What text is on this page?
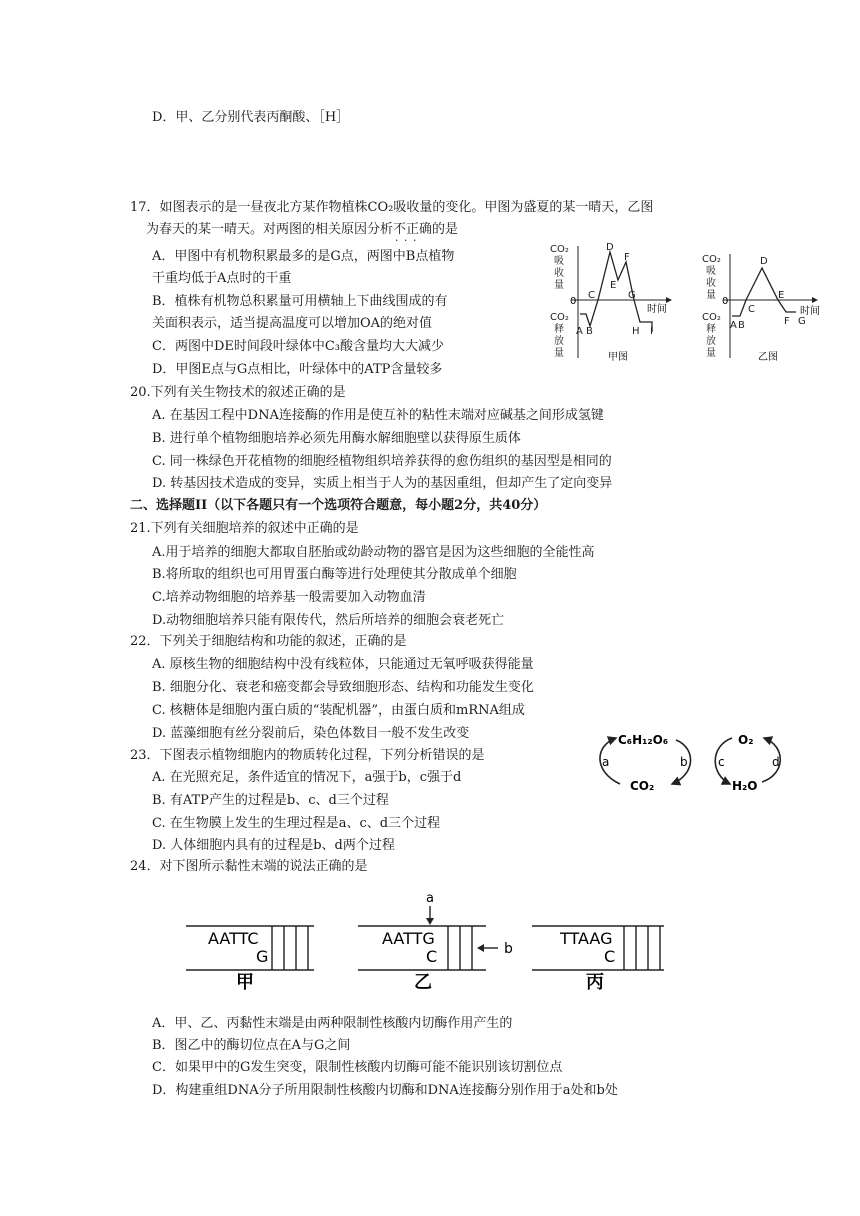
D．甲、乙分别代表丙酮酸、［H］
17．如图表示的是一昼夜北方某作物植株CO₂吸收量的变化。甲图为盛夏的某一晴天，乙图
为春天的某一晴天。对两图的相关原因分析不正确 · · ·的是
A．甲图中有机物积累最多的是G点，两图中B点植物
干重均低于A点时的干重
B．植株有机物总积累量可用横轴上下曲线围成的有
关面积表示，适当提高温度可以增加OA的绝对值
C．两图中DE时间段叶绿体中C₃酸含量均大大减少
D．甲图E点与G点相比，叶绿体中的ATP含量较多
CO₂
吸
收
量
CO₂
释
放
量
0
时间
A B
C
D
E
F
G
H I
甲图
CO₂
吸
收
量
CO₂
释
放
量
0
时间
A B
C
D
E
F G
乙图
20.下列有关生物技术的叙述正确的是
A. 在基因工程中DNA连接酶的作用是使互补的粘性末端对应碱基之间形成氢键
B. 进行单个植物细胞培养必须先用酶水解细胞壁以获得原生质体
C. 同一株绿色开花植物的细胞经植物组织培养获得的愈伤组织的基因型是相同的
D. 转基因技术造成的变异，实质上相当于人为的基因重组，但却产生了定向变异
二、选择题II（以下各题只有一个选项符合题意，每小题2分，共40分）
21.下列有关细胞培养的叙述中正确的是
A.用于培养的细胞大都取自胚胎或幼龄动物的器官是因为这些细胞的全能性高
B.将所取的组织也可用胃蛋白酶等进行处理使其分散成单个细胞
C.培养动物细胞的培养基一般需要加入动物血清
D.动物细胞培养只能有限传代，然后所培养的细胞会衰老死亡
22．下列关于细胞结构和功能的叙述，正确的是
A. 原核生物的细胞结构中没有线粒体，只能通过无氧呼吸获得能量
B. 细胞分化、衰老和癌变都会导致细胞形态、结构和功能发生变化
C. 核糖体是细胞内蛋白质的“装配机器”，由蛋白质和mRNA组成
D. 蓝藻细胞有丝分裂前后，染色体数目一般不发生改变
23．下图表示植物细胞内的物质转化过程，下列分析错误的是
A. 在光照充足，条件适宜的情况下，a强于b，c强于d
B. 有ATP产生的过程是b、c、d三个过程
C. 在生物膜上发生的生理过程是a、c、d三个过程
D. 人体细胞内具有的过程是b、d两个过程
C₆H₁₂O₆
CO₂
a	b
O₂
H₂O
c	d
24．对下图所示黏性末端的说法正确的是
AATTC
G
甲
AATTG
C
乙
a
b
TTAAG
C
丙
A．甲、乙、丙黏性末端是由两种限制性核酸内切酶作用产生的
B．图乙中的酶切位点在A与G之间
C．如果甲中的G发生突变，限制性核酸内切酶可能不能识别该切割位点
D．构建重组DNA分子所用限制性核酸内切酶和DNA连接酶分别作用于a处和b处
